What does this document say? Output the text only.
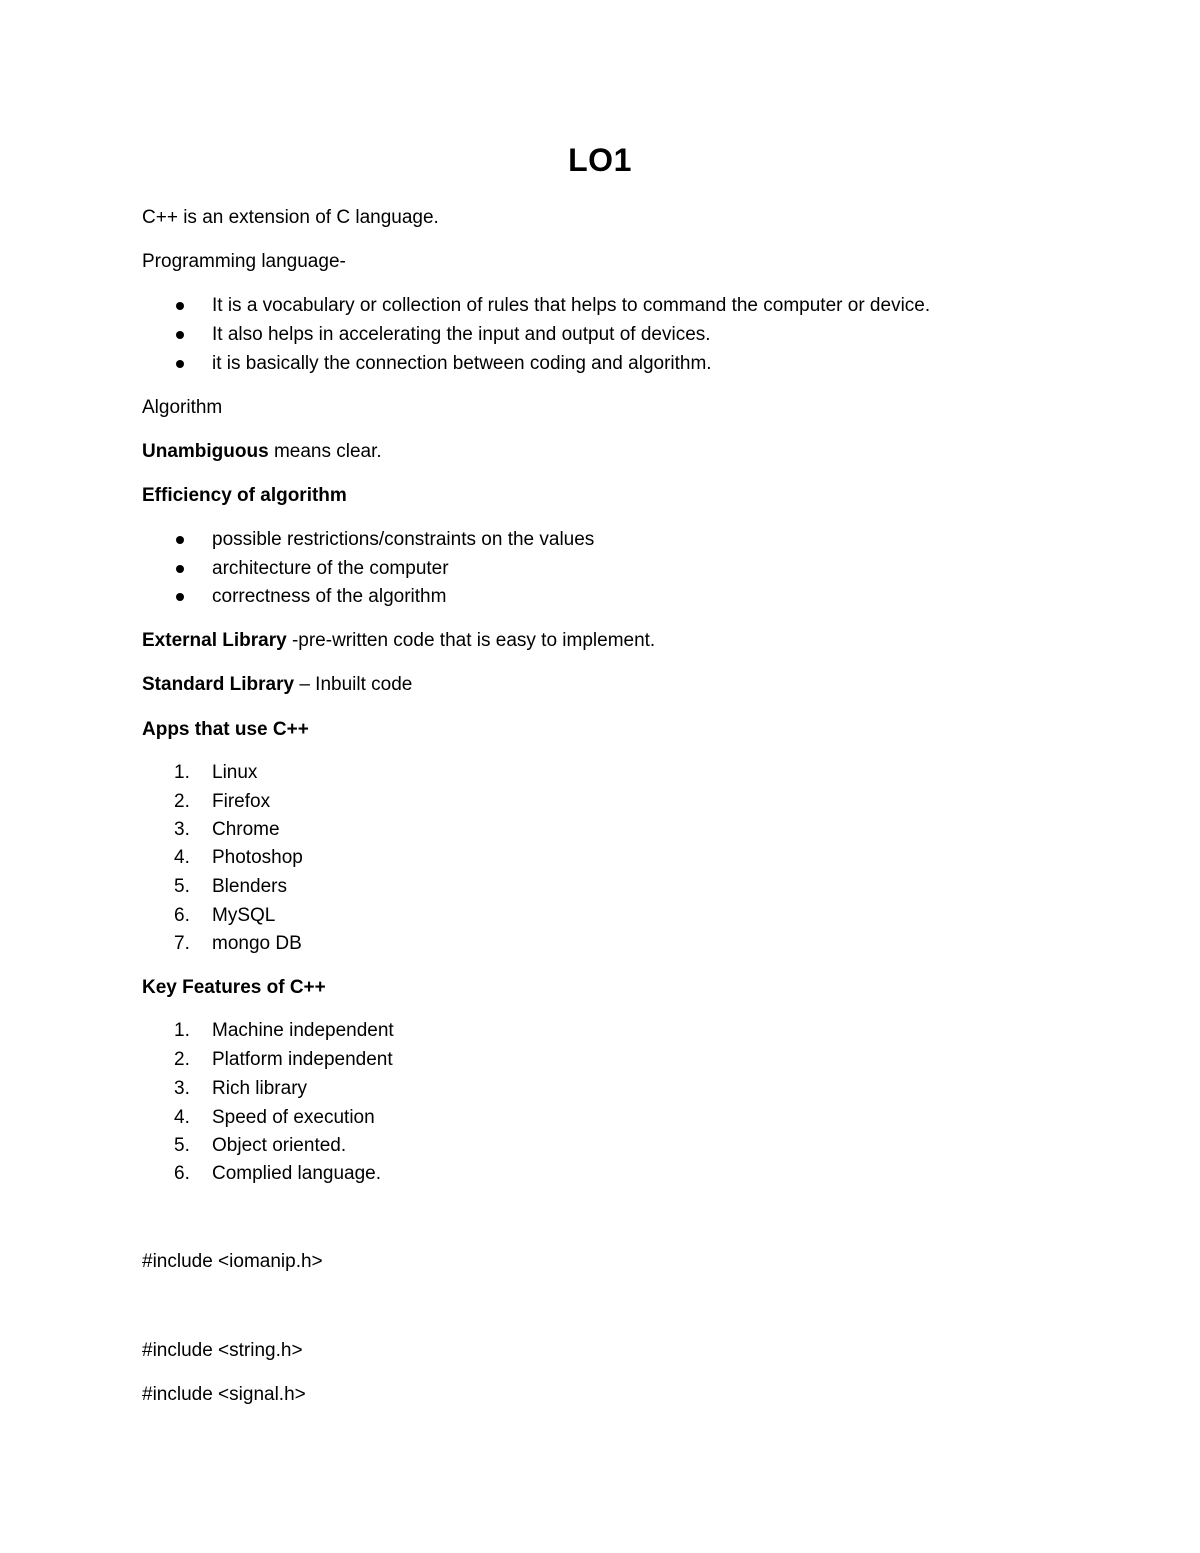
LO1
C++ is an extension of C language.
Programming language-
It is a vocabulary or collection of rules that helps to command the computer or device.
It also helps in accelerating the input and output of devices.
it is basically the connection between coding and algorithm.
Algorithm
Unambiguous means clear.
Efficiency of algorithm
possible restrictions/constraints on the values
architecture of the computer
correctness of the algorithm
External Library -pre-written code that is easy to implement.
Standard Library – Inbuilt code
Apps that use C++
1. Linux
2. Firefox
3. Chrome
4. Photoshop
5. Blenders
6. MySQL
7. mongo DB
Key Features of C++
1. Machine independent
2. Platform independent
3. Rich library
4. Speed of execution
5. Object oriented.
6. Complied language.
#include <iomanip.h>
#include <string.h>
#include <signal.h>
